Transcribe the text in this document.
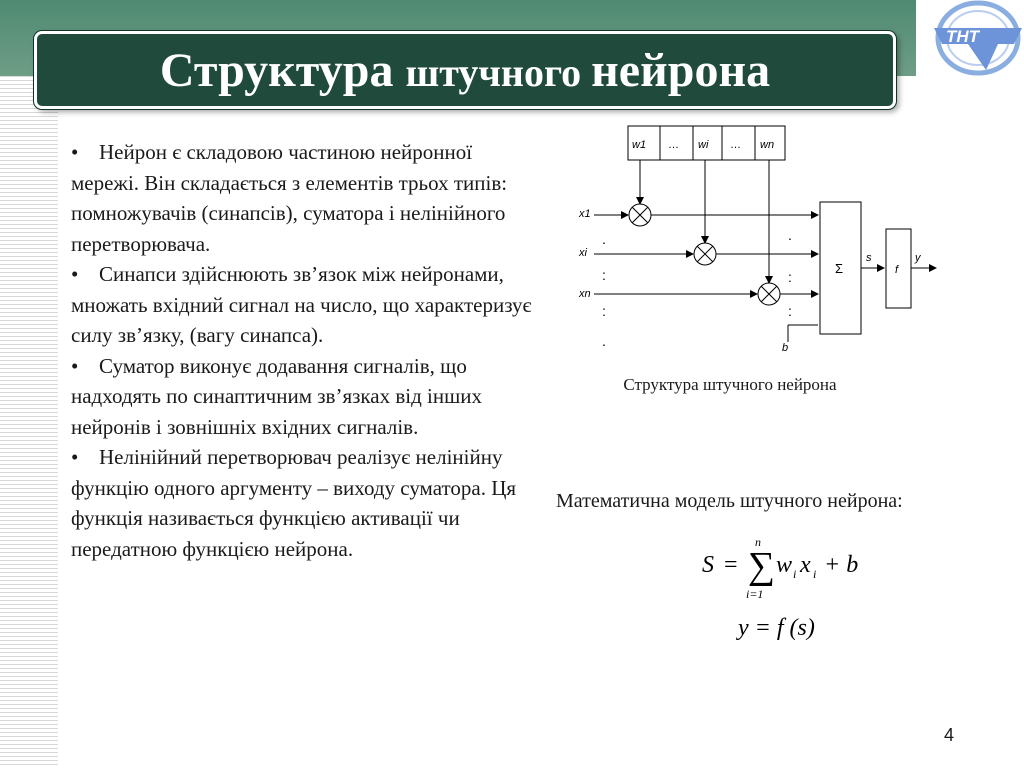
ТНТ
Структура штучного нейрона

• Нейрон є складовою частиною нейронної мережі. Він складається з елементів трьох типів: помножувачів (синапсів), суматора і нелінійного перетворювача.

• Синапси здійснюють зв’язок між нейронами, множать вхідний сигнал на число, що характеризує силу зв’язку, (вагу синапса).

• Суматор виконує додавання сигналів, що надходять по синаптичним зв’язках від інших нейронів і зовнішніх вхідних сигналів.

• Нелінійний перетворювач реалізує нелінійну функцію одного аргументу – виходу суматора. Ця функція називається функцією активації чи передатною функцією нейрона.

w1 … wi … wn
x1
xi
xn
.
:
:
.
.
:
:
b
Σ
s
f
y
Структура штучного нейрона
Математична модель штучного нейрона:
S = ∑
n
i=1
w i x i + b
y = f (s)
4
